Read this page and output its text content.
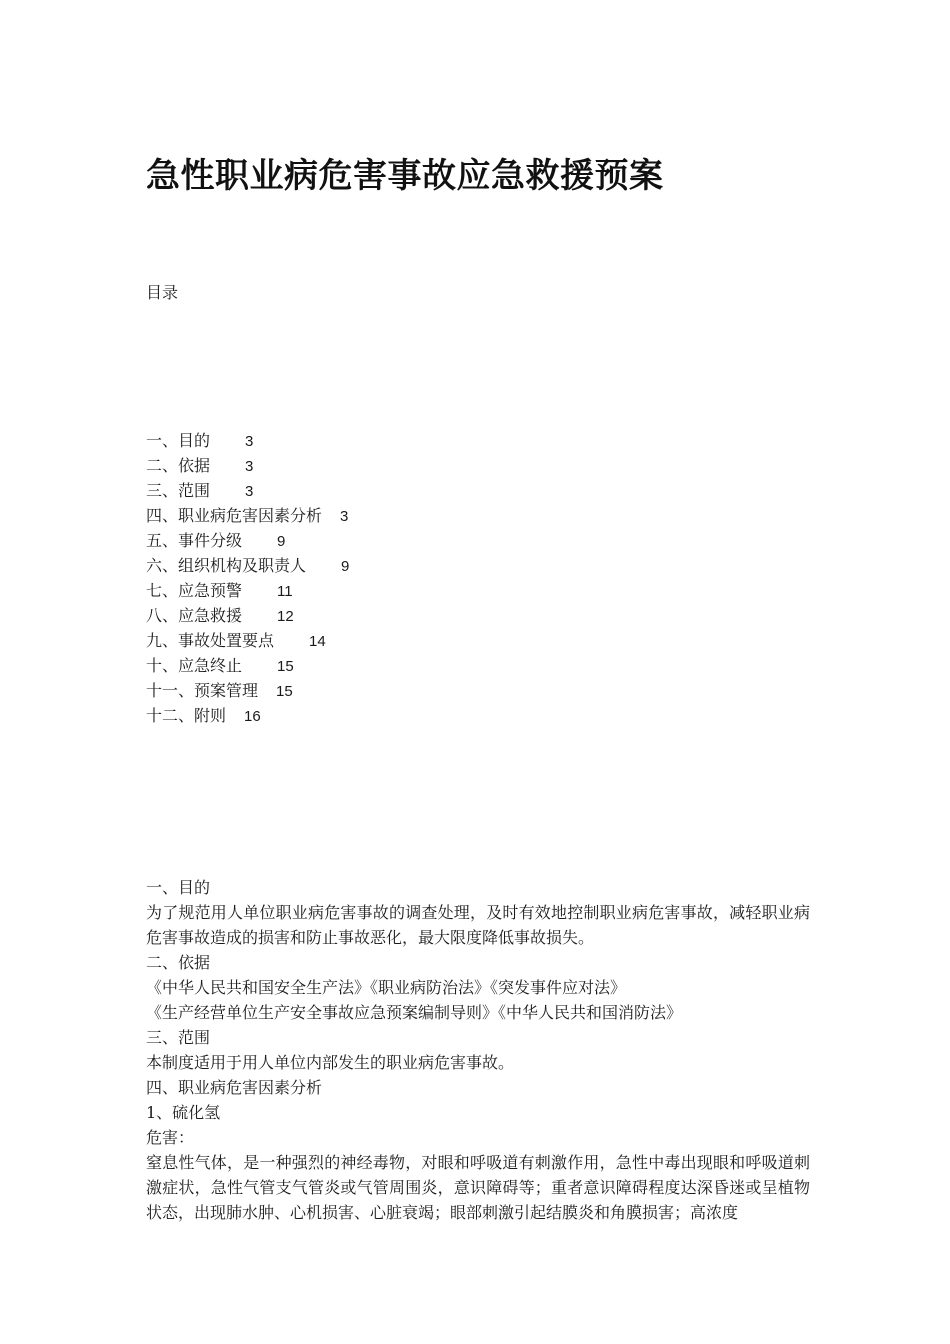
急性职业病危害事故应急救援预案
目录
一、目的 3
二、依据 3
三、范围 3
四、职业病危害因素分析 3
五、事件分级 9
六、组织机构及职责人 9
七、应急预警 11
八、应急救援 12
九、事故处置要点 14
十、应急终止 15
十一、预案管理 15
十二、附则 16
一、目的
为了规范用人单位职业病危害事故的调查处理，及时有效地控制职业病危害事故，减轻职业病危害事故造成的损害和防止事故恶化，最大限度降低事故损失。
二、依据
《中华人民共和国安全生产法》《职业病防治法》《突发事件应对法》
《生产经营单位生产安全事故应急预案编制导则》《中华人民共和国消防法》
三、范围
本制度适用于用人单位内部发生的职业病危害事故。
四、职业病危害因素分析
1、硫化氢
危害：
窒息性气体，是一种强烈的神经毒物，对眼和呼吸道有刺激作用，急性中毒出现眼和呼吸道刺激症状，急性气管支气管炎或气管周围炎，意识障碍等；重者意识障碍程度达深昏迷或呈植物状态，出现肺水肿、心机损害、心脏衰竭；眼部刺激引起结膜炎和角膜损害；高浓度
